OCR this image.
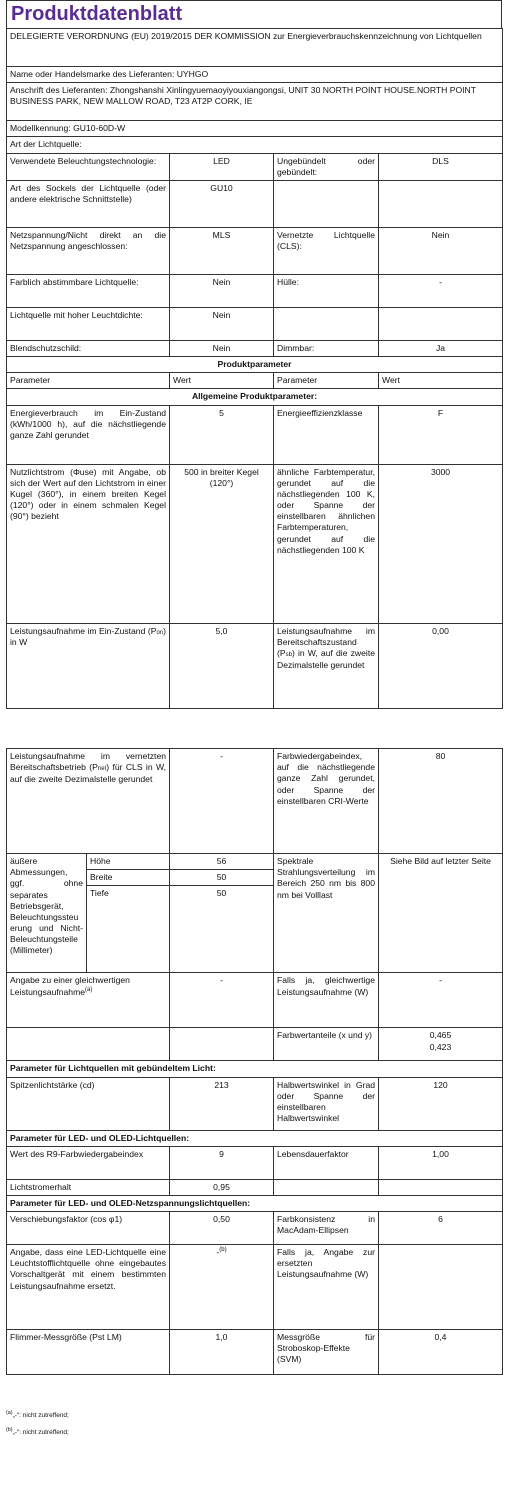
Produktdatenblatt
DELEGIERTE VERORDNUNG (EU) 2019/2015 DER KOMMISSION zur Energieverbrauchskennzeichnung von Lichtquellen			
Name oder Handelsmarke des Lieferanten: UYHGO			
Anschrift des Lieferanten: Zhongshanshi Xinlingyuemaoyiyouxiangongsi, UNIT 30 NORTH POINT HOUSE.NORTH POINT BUSINESS PARK, NEW MALLOW ROAD, T23 AT2P CORK, IE			
Modellkennung: GU10-60D-W			
Art der Lichtquelle:			
Verwendete Beleuchtungstechnologie:	LED	Ungebündelt oder gebündelt:	DLS
Art des Sockels der Lichtquelle (oder andere elektrische Schnittstelle)	GU10		
Netzspannung/Nicht direkt an die Netzspannung angeschlossen:	MLS	Vernetzte Lichtquelle (CLS):	Nein
Farblich abstimmbare Lichtquelle:	Nein	Hülle:	-
Lichtquelle mit hoher Leuchtdichte:	Nein		
Blendschutzschild:	Nein	Dimmbar:	Ja
Produktparameter			
Parameter	Wert	Parameter	Wert
Allgemeine Produktparameter:			
Energieverbrauch im Ein-Zustand (kWh/1000 h), auf die nächstliegende ganze Zahl gerundet	5	Energieeffizienzklasse	F
Nutzlichtstrom (Φuse) mit Angabe, ob sich der Wert auf den Lichtstrom in einer Kugel (360°), in einem breiten Kegel (120°) oder in einem schmalen Kegel (90°) bezieht	500 in breiter Kegel (120°)	ähnliche Farbtemperatur, gerundet auf die nächstliegenden 100 K, oder Spanne der einstellbaren ähnlichen Farbtemperaturen, gerundet auf die nächstliegenden 100 K	3000
Leistungsaufnahme im Ein-Zustand (Pon) in W	5,0	Leistungsaufnahme im Bereitschaftszustand (Psb) in W, auf die zweite Dezimalstelle gerundet	0,00
Leistungsaufnahme im vernetzten Bereitschaftsbetrieb (Pnet) für CLS in W, auf die zweite Dezimalstelle gerundet		-	Farbwiedergabeindex, auf die nächstliegende ganze Zahl gerundet, oder Spanne der einstellbaren CRI-Werte	80
äußere Abmessungen, ggf. ohne separates Betriebsgerät, Beleuchtungssteuerung und Nicht-Beleuchtungsteile (Millimeter)	Höhe	56	Spektrale Strahlungsverteilung im Bereich 250 nm bis 800 nm bei Volllast	Siehe Bild auf letzter Seite
	Breite	50		
	Tiefe	50		
Angabe zu einer gleichwertigen Leistungsaufnahme$^{(a)}$		-	Falls ja, gleichwertige Leistungsaufnahme (W)	-
			Farbwertanteile (x und y)	0,465
0,423

Parameter für Lichtquellen mit gebündeltem Licht:				
Spitzenlichtstärke (cd)		213	Halbwertswinkel in Grad oder Spanne der einstellbaren Halbwertswinkel	120
Parameter für LED- und OLED-Lichtquellen:				
Wert des R9-Farbwiedergabeindex		9	Lebensdauerfaktor	1,00
Lichtstromerhalt		0,95		
Parameter für LED- und OLED-Netzspannungslichtquellen:				
Verschiebungsfaktor (cos φ1)		0,50	Farbkonsistenz in MacAdam-Ellipsen	6
Angabe, dass eine LED-Lichtquelle eine Leuchtstofflichtquelle ohne eingebautes Vorschaltgerät mit einem bestimmten Leistungsaufnahme ersetzt.		-$^{(b)}$	Falls ja, Angabe zur ersetzten Leistungsaufnahme (W)	
Flimmer-Messgröße (Pst LM)		1,0	Messgröße für Stroboskop-Effekte (SVM)	0,4
$^{(a)}$„-“: nicht zutreffend;
$^{(b)}$„-“: nicht zutreffend;
